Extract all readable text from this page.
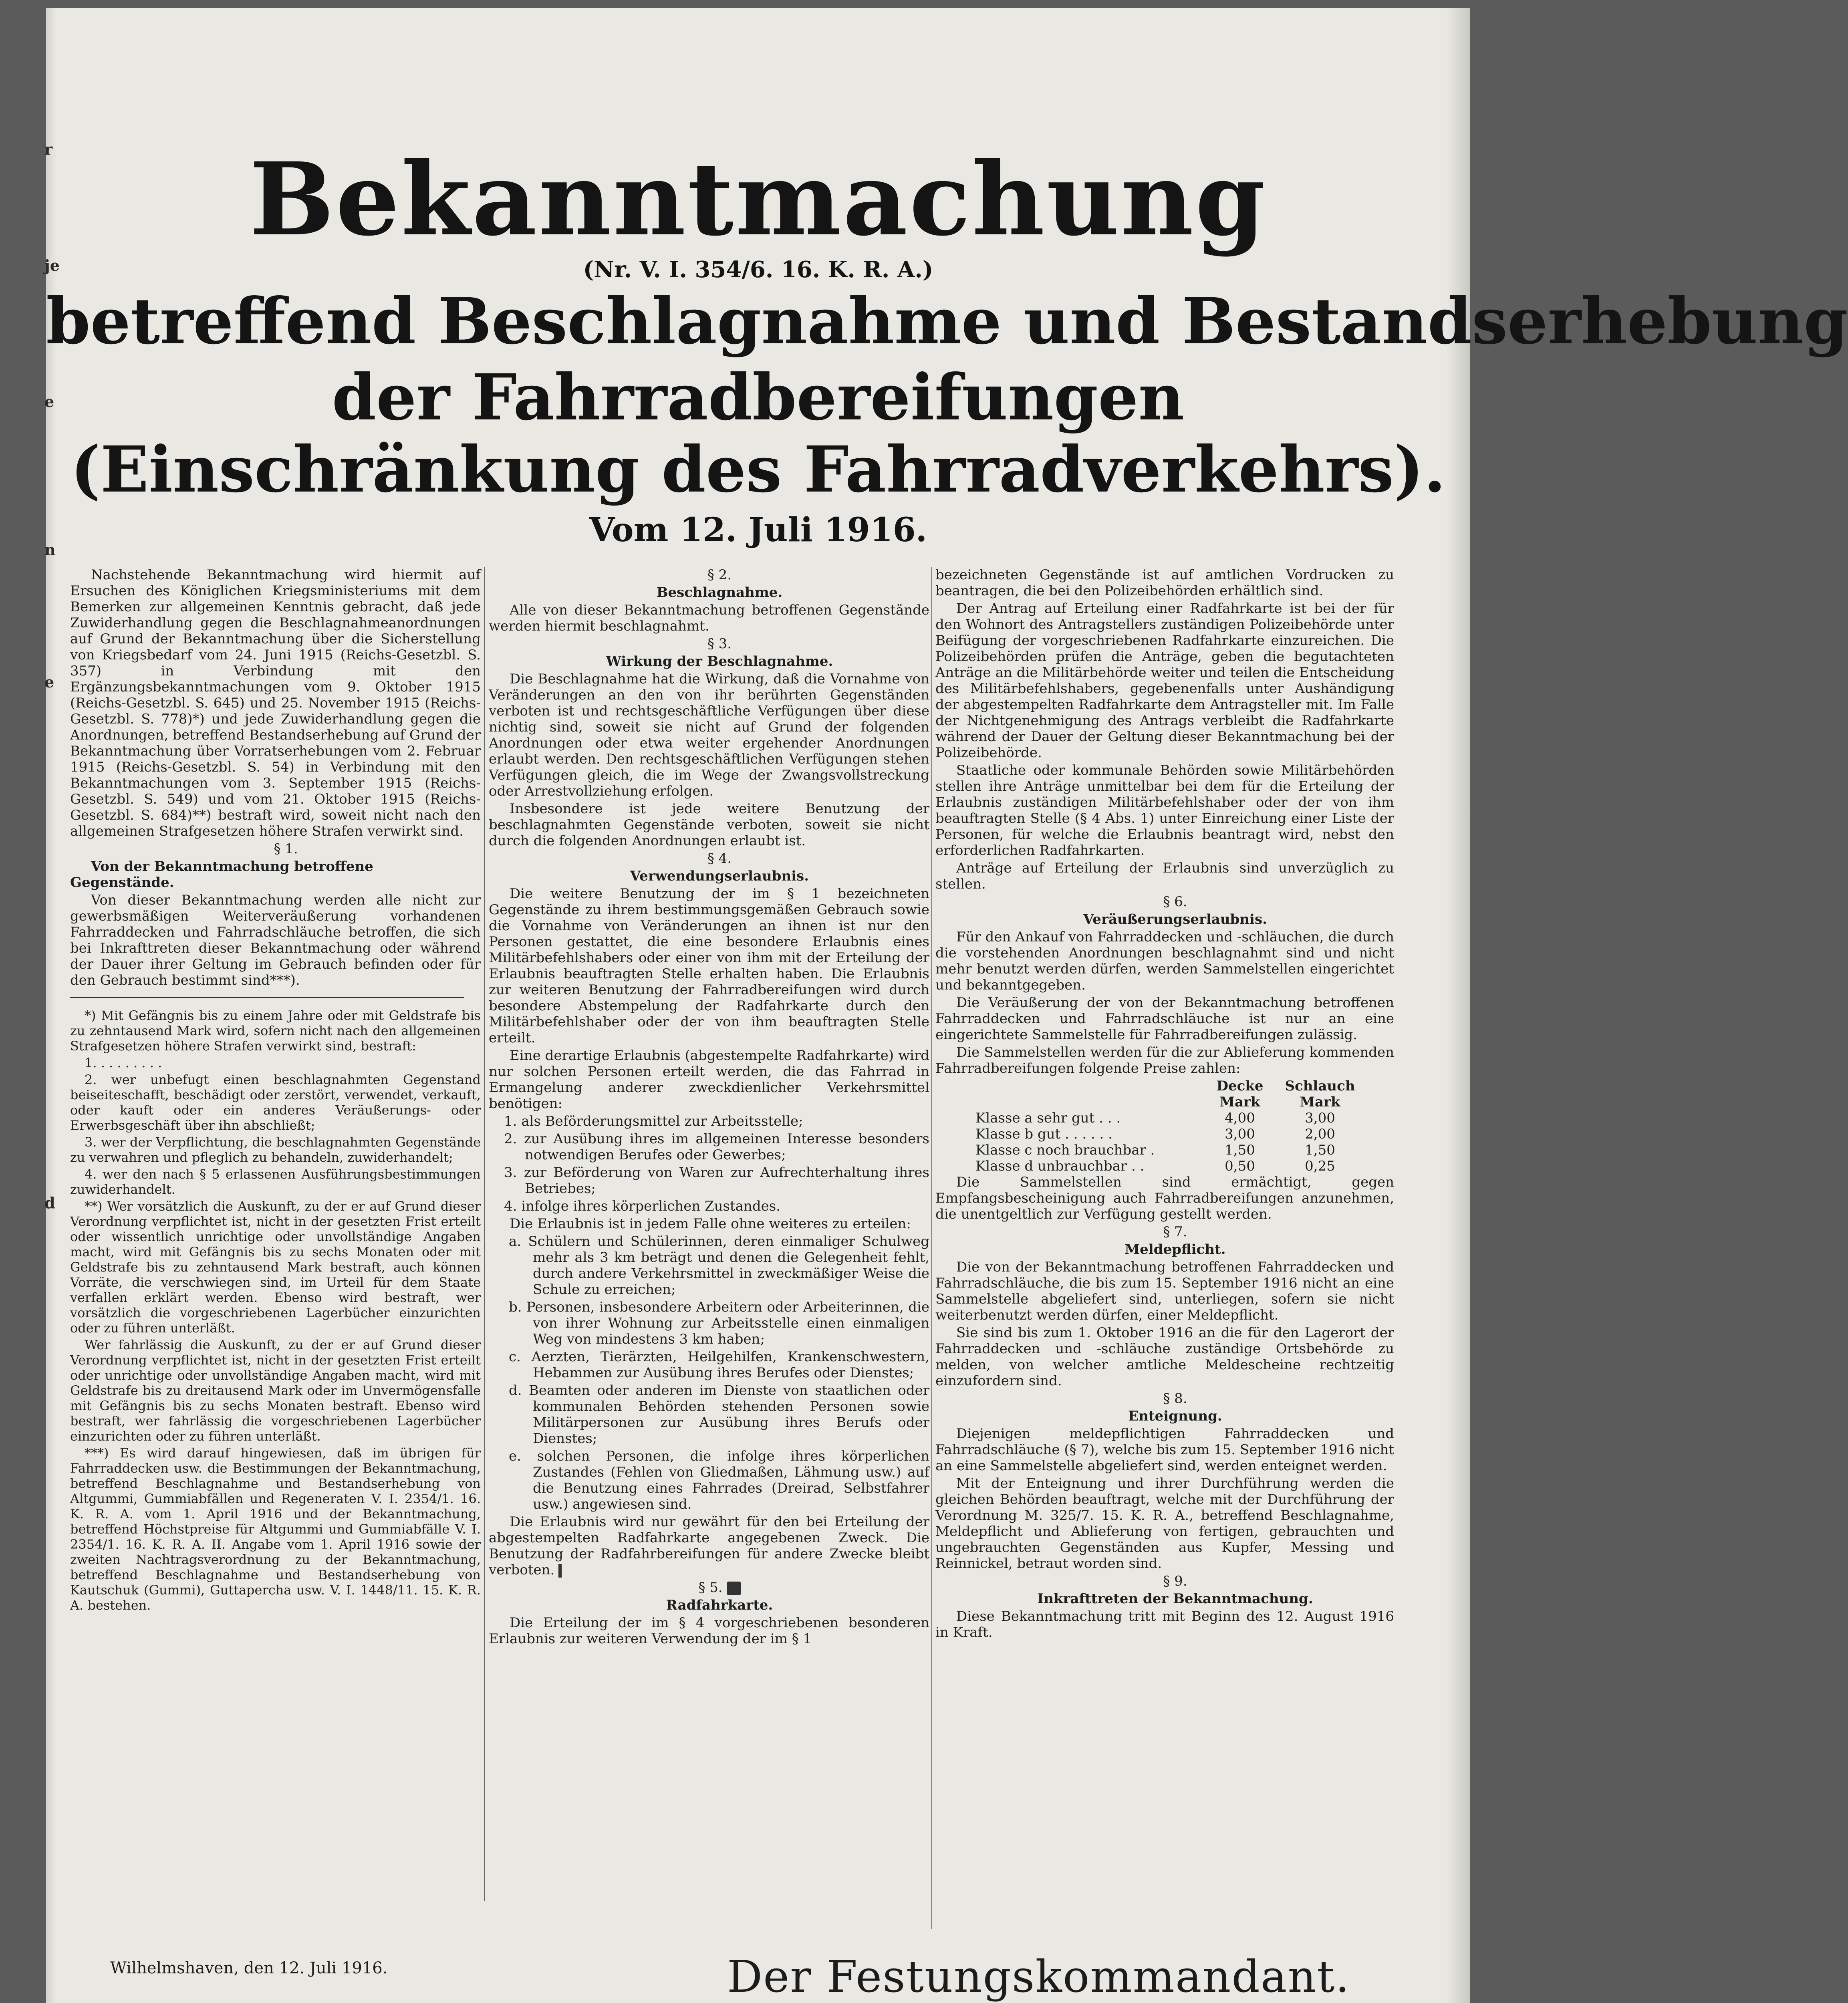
r
je
e
n
e
d
Bekanntmachung
(Nr. V. I. 354/6. 16. K. R. A.)
betreffend Beschlagnahme und Bestandserhebung
der Fahrradbereifungen
(Einschränkung des Fahrradverkehrs).
Vom 12. Juli 1916.

Nachstehende Bekanntmachung wird hiermit auf Ersuchen des Königlichen Kriegsministeriums mit dem Bemerken zur allgemeinen Kenntnis gebracht, daß jede Zuwiderhandlung gegen die Beschlagnahmeanordnungen auf Grund der Bekanntmachung über die Sicherstellung von Kriegsbedarf vom 24. Juni 1915 (Reichs-Gesetzbl. S. 357) in Verbindung mit den Ergänzungsbekanntmachungen vom 9. Oktober 1915 (Reichs-Gesetzbl. S. 645) und 25. November 1915 (Reichs-Gesetzbl. S. 778)*) und jede Zuwiderhandlung gegen die Anordnungen, betreffend Bestandserhebung auf Grund der Bekanntmachung über Vorratserhebungen vom 2. Februar 1915 (Reichs-Gesetzbl. S. 54) in Verbindung mit den Bekanntmachungen vom 3. September 1915 (Reichs-Gesetzbl. S. 549) und vom 21. Oktober 1915 (Reichs-Gesetzbl. S. 684)**) bestraft wird, soweit nicht nach den allgemeinen Strafgesetzen höhere Strafen verwirkt sind.

§ 1.

Von der Bekanntmachung betroffene Gegenstände.

Von dieser Bekanntmachung werden alle nicht zur gewerbsmäßigen Weiterveräußerung vorhandenen Fahrraddecken und Fahrradschläuche betroffen, die sich bei Inkrafttreten dieser Bekanntmachung oder während der Dauer ihrer Geltung im Gebrauch befinden oder für den Gebrauch bestimmt sind***).

*) Mit Gefängnis bis zu einem Jahre oder mit Geldstrafe bis zu zehntausend Mark wird, sofern nicht nach den allgemeinen Strafgesetzen höhere Strafen verwirkt sind, bestraft:

1. . . . . . . . .

2. wer unbefugt einen beschlagnahmten Gegenstand beiseiteschafft, beschädigt oder zerstört, verwendet, verkauft, oder kauft oder ein anderes Veräußerungs- oder Erwerbsgeschäft über ihn abschließt;

3. wer der Verpflichtung, die beschlagnahmten Gegenstände zu verwahren und pfleglich zu behandeln, zuwiderhandelt;

4. wer den nach § 5 erlassenen Ausführungsbestimmungen zuwiderhandelt.

**) Wer vorsätzlich die Auskunft, zu der er auf Grund dieser Verordnung verpflichtet ist, nicht in der gesetzten Frist erteilt oder wissentlich unrichtige oder unvollständige Angaben macht, wird mit Gefängnis bis zu sechs Monaten oder mit Geldstrafe bis zu zehntausend Mark bestraft, auch können Vorräte, die verschwiegen sind, im Urteil für dem Staate verfallen erklärt werden. Ebenso wird bestraft, wer vorsätzlich die vorgeschriebenen Lagerbücher einzurichten oder zu führen unterläßt.

Wer fahrlässig die Auskunft, zu der er auf Grund dieser Verordnung verpflichtet ist, nicht in der gesetzten Frist erteilt oder unrichtige oder unvollständige Angaben macht, wird mit Geldstrafe bis zu dreitausend Mark oder im Unvermögensfalle mit Gefängnis bis zu sechs Monaten bestraft. Ebenso wird bestraft, wer fahrlässig die vorgeschriebenen Lagerbücher einzurichten oder zu führen unterläßt.

***) Es wird darauf hingewiesen, daß im übrigen für Fahrraddecken usw. die Bestimmungen der Bekanntmachung, betreffend Beschlagnahme und Bestandserhebung von Altgummi, Gummiabfällen und Regeneraten V. I. 2354/1. 16. K. R. A. vom 1. April 1916 und der Bekanntmachung, betreffend Höchstpreise für Altgummi und Gummiabfälle V. I. 2354/1. 16. K. R. A. II. Angabe vom 1. April 1916 sowie der zweiten Nachtragsverordnung zu der Bekanntmachung, betreffend Beschlagnahme und Bestandserhebung von Kautschuk (Gummi), Guttapercha usw. V. I. 1448/11. 15. K. R. A. bestehen.

§ 2.

Beschlagnahme.

Alle von dieser Bekanntmachung betroffenen Gegenstände werden hiermit beschlagnahmt.

§ 3.

Wirkung der Beschlagnahme.

Die Beschlagnahme hat die Wirkung, daß die Vornahme von Veränderungen an den von ihr berührten Gegenständen verboten ist und rechtsgeschäftliche Verfügungen über diese nichtig sind, soweit sie nicht auf Grund der folgenden Anordnungen oder etwa weiter ergehender Anordnungen erlaubt werden. Den rechtsgeschäftlichen Verfügungen stehen Verfügungen gleich, die im Wege der Zwangsvollstreckung oder Arrestvollziehung erfolgen.

Insbesondere ist jede weitere Benutzung der beschlagnahmten Gegenstände verboten, soweit sie nicht durch die folgenden Anordnungen erlaubt ist.

§ 4.

Verwendungserlaubnis.

Die weitere Benutzung der im § 1 bezeichneten Gegenstände zu ihrem bestimmungsgemäßen Gebrauch sowie die Vornahme von Veränderungen an ihnen ist nur den Personen gestattet, die eine besondere Erlaubnis eines Militärbefehlshabers oder einer von ihm mit der Erteilung der Erlaubnis beauftragten Stelle erhalten haben. Die Erlaubnis zur weiteren Benutzung der Fahrradbereifungen wird durch besondere Abstempelung der Radfahrkarte durch den Militärbefehlshaber oder der von ihm beauftragten Stelle erteilt.

Eine derartige Erlaubnis (abgestempelte Radfahrkarte) wird nur solchen Personen erteilt werden, die das Fahrrad in Ermangelung anderer zweckdienlicher Verkehrsmittel benötigen:

1. als Beförderungsmittel zur Arbeitsstelle;

2. zur Ausübung ihres im allgemeinen Interesse besonders notwendigen Berufes oder Gewerbes;

3. zur Beförderung von Waren zur Aufrechterhaltung ihres Betriebes;

4. infolge ihres körperlichen Zustandes.

Die Erlaubnis ist in jedem Falle ohne weiteres zu erteilen:

a. Schülern und Schülerinnen, deren einmaliger Schulweg mehr als 3 km beträgt und denen die Gelegenheit fehlt, durch andere Verkehrsmittel in zweckmäßiger Weise die Schule zu erreichen;

b. Personen, insbesondere Arbeitern oder Arbeiterinnen, die von ihrer Wohnung zur Arbeitsstelle einen einmaligen Weg von mindestens 3 km haben;

c. Aerzten, Tierärzten, Heilgehilfen, Krankenschwestern, Hebammen zur Ausübung ihres Berufes oder Dienstes;

d. Beamten oder anderen im Dienste von staatlichen oder kommunalen Behörden stehenden Personen sowie Militärpersonen zur Ausübung ihres Berufs oder Dienstes;

e. solchen Personen, die infolge ihres körperlichen Zustandes (Fehlen von Gliedmaßen, Lähmung usw.) auf die Benutzung eines Fahrrades (Dreirad, Selbstfahrer usw.) angewiesen sind.

Die Erlaubnis wird nur gewährt für den bei Erteilung der abgestempelten Radfahrkarte angegebenen Zweck. Die Benutzung der Radfahrbereifungen für andere Zwecke bleibt verboten.

§ 5.

Radfahrkarte.

Die Erteilung der im § 4 vorgeschriebenen besonderen Erlaubnis zur weiteren Verwendung der im § 1

bezeichneten Gegenstände ist auf amtlichen Vordrucken zu beantragen, die bei den Polizeibehörden erhältlich sind.

Der Antrag auf Erteilung einer Radfahrkarte ist bei der für den Wohnort des Antragstellers zuständigen Polizeibehörde unter Beifügung der vorgeschriebenen Radfahrkarte einzureichen. Die Polizeibehörden prüfen die Anträge, geben die begutachteten Anträge an die Militärbehörde weiter und teilen die Entscheidung des Militärbefehlshabers, gegebenenfalls unter Aushändigung der abgestempelten Radfahrkarte dem Antragsteller mit. Im Falle der Nichtgenehmigung des Antrags verbleibt die Radfahrkarte während der Dauer der Geltung dieser Bekanntmachung bei der Polizeibehörde.

Staatliche oder kommunale Behörden sowie Militärbehörden stellen ihre Anträge unmittelbar bei dem für die Erteilung der Erlaubnis zuständigen Militärbefehlshaber oder der von ihm beauftragten Stelle (§ 4 Abs. 1) unter Einreichung einer Liste der Personen, für welche die Erlaubnis beantragt wird, nebst den erforderlichen Radfahrkarten.

Anträge auf Erteilung der Erlaubnis sind unverzüglich zu stellen.

§ 6.

Veräußerungserlaubnis.

Für den Ankauf von Fahrraddecken und -schläuchen, die durch die vorstehenden Anordnungen beschlagnahmt sind und nicht mehr benutzt werden dürfen, werden Sammelstellen eingerichtet und bekanntgegeben.

Die Veräußerung der von der Bekanntmachung betroffenen Fahrraddecken und Fahrradschläuche ist nur an eine eingerichtete Sammelstelle für Fahrradbereifungen zulässig.

Die Sammelstellen werden für die zur Ablieferung kommenden Fahrradbereifungen folgende Preise zahlen:

Decke	Schlauch
Mark	Mark
Klasse a sehr gut . . .	4,00	3,00
Klasse b gut . . . . . .	3,00	2,00
Klasse c noch brauchbar .	1,50	1,50
Klasse d unbrauchbar . .	0,50	0,25

Die Sammelstellen sind ermächtigt, gegen Empfangsbescheinigung auch Fahrradbereifungen anzunehmen, die unentgeltlich zur Verfügung gestellt werden.

§ 7.

Meldepflicht.

Die von der Bekanntmachung betroffenen Fahrraddecken und Fahrradschläuche, die bis zum 15. September 1916 nicht an eine Sammelstelle abgeliefert sind, unterliegen, sofern sie nicht weiterbenutzt werden dürfen, einer Meldepflicht.

Sie sind bis zum 1. Oktober 1916 an die für den Lagerort der Fahrraddecken und -schläuche zuständige Ortsbehörde zu melden, von welcher amtliche Meldescheine rechtzeitig einzufordern sind.

§ 8.

Enteignung.

Diejenigen meldepflichtigen Fahrraddecken und Fahrradschläuche (§ 7), welche bis zum 15. September 1916 nicht an eine Sammelstelle abgeliefert sind, werden enteignet werden.

Mit der Enteignung und ihrer Durchführung werden die gleichen Behörden beauftragt, welche mit der Durchführung der Verordnung M. 325/7. 15. K. R. A., betreffend Beschlagnahme, Meldepflicht und Ablieferung von fertigen, gebrauchten und ungebrauchten Gegenständen aus Kupfer, Messing und Reinnickel, betraut worden sind.

§ 9.

Inkrafttreten der Bekanntmachung.

Diese Bekanntmachung tritt mit Beginn des 12. August 1916 in Kraft.

Wilhelmshaven, den 12. Juli 1916.	Der Festungskommandant.
